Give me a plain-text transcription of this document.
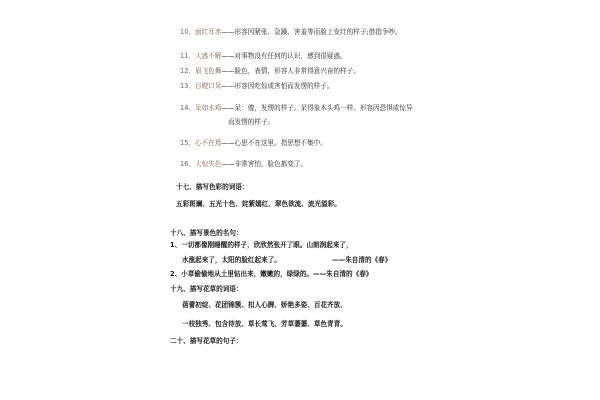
10、面红耳赤——形容因紧张、急躁、害羞等而脸上发红的样子;借指争吵。
11、大惑不解——对事物没有任何的认识，感到很疑惑。
12、眉飞色舞——脸色，表情，形容人非常得意兴奋的样子。
13、目瞪口呆——形容因吃惊或害怕而发愣的样子。
14、呆如木鸡——呆：傻，发愣的样子。呆得象木头鸡一样。形容因恐惧或惊异
而发愣的样子。
15、心不在焉——心思不在这里。指思想不集中。
16、大惊失色——非常害怕，脸色都变了。
十七、描写色彩的词语：
五彩斑斓、五光十色、姹紫嫣红、翠色欲流、流光溢彩。
十八、描写景色的名句：
1、一切都像刚睡醒的样子，欣欣然张开了眼。山朗润起来了，
水涨起来了，太阳的脸红起来了。	——朱自清的《春》
2、小草偷偷地从土里钻出来，嫩嫩的，绿绿的。——朱自清的《春》
十九、描写花草的词语：
蓓蕾初绽、花团锦簇、扣人心脾、娇艳多姿、百花齐放、
一枝独秀、包含待放、草长莺飞、芳草萋萋、草色青青。
二十、描写花草的句子：
